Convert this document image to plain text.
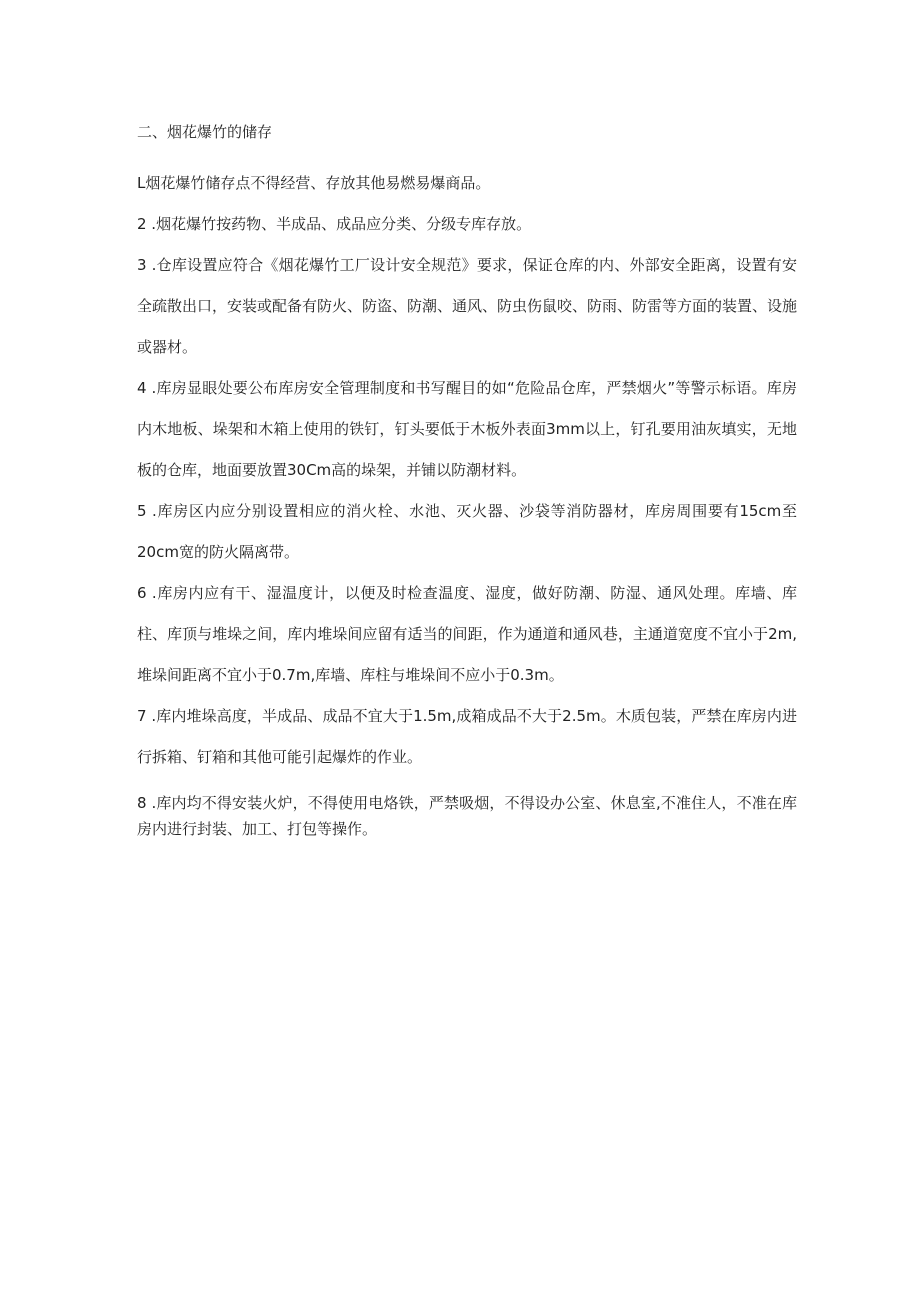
二、烟花爆竹的储存

L烟花爆竹储存点不得经营、存放其他易燃易爆商品。

2 .烟花爆竹按药物、半成品、成品应分类、分级专库存放。

3 .仓库设置应符合《烟花爆竹工厂设计安全规范》要求，保证仓库的内、外部安全距离，设置有安全疏散出口，安装或配备有防火、防盗、防潮、通风、防虫伤鼠咬、防雨、防雷等方面的装置、设施或器材。

4 .库房显眼处要公布库房安全管理制度和书写醒目的如“危险品仓库，严禁烟火”等警示标语。库房内木地板、垛架和木箱上使用的铁钉，钉头要低于木板外表面3mm以上，钉孔要用油灰填实，无地板的仓库，地面要放置30Cm高的垛架，并铺以防潮材料。

5 .库房区内应分别设置相应的消火栓、水池、灭火器、沙袋等消防器材，库房周围要有15cm至20cm宽的防火隔离带。

6 .库房内应有干、湿温度计，以便及时检查温度、湿度，做好防潮、防湿、通风处理。库墙、库柱、库顶与堆垛之间，库内堆垛间应留有适当的间距，作为通道和通风巷，主通道宽度不宜小于2m,堆垛间距离不宜小于0.7m,库墙、库柱与堆垛间不应小于0.3m。

7 .库内堆垛高度，半成品、成品不宜大于1.5m,成箱成品不大于2.5m。木质包装，严禁在库房内进行拆箱、钉箱和其他可能引起爆炸的作业。

8 .库内均不得安装火炉，不得使用电烙铁，严禁吸烟，不得设办公室、休息室,不准住人，不准在库房内进行封装、加工、打包等操作。
